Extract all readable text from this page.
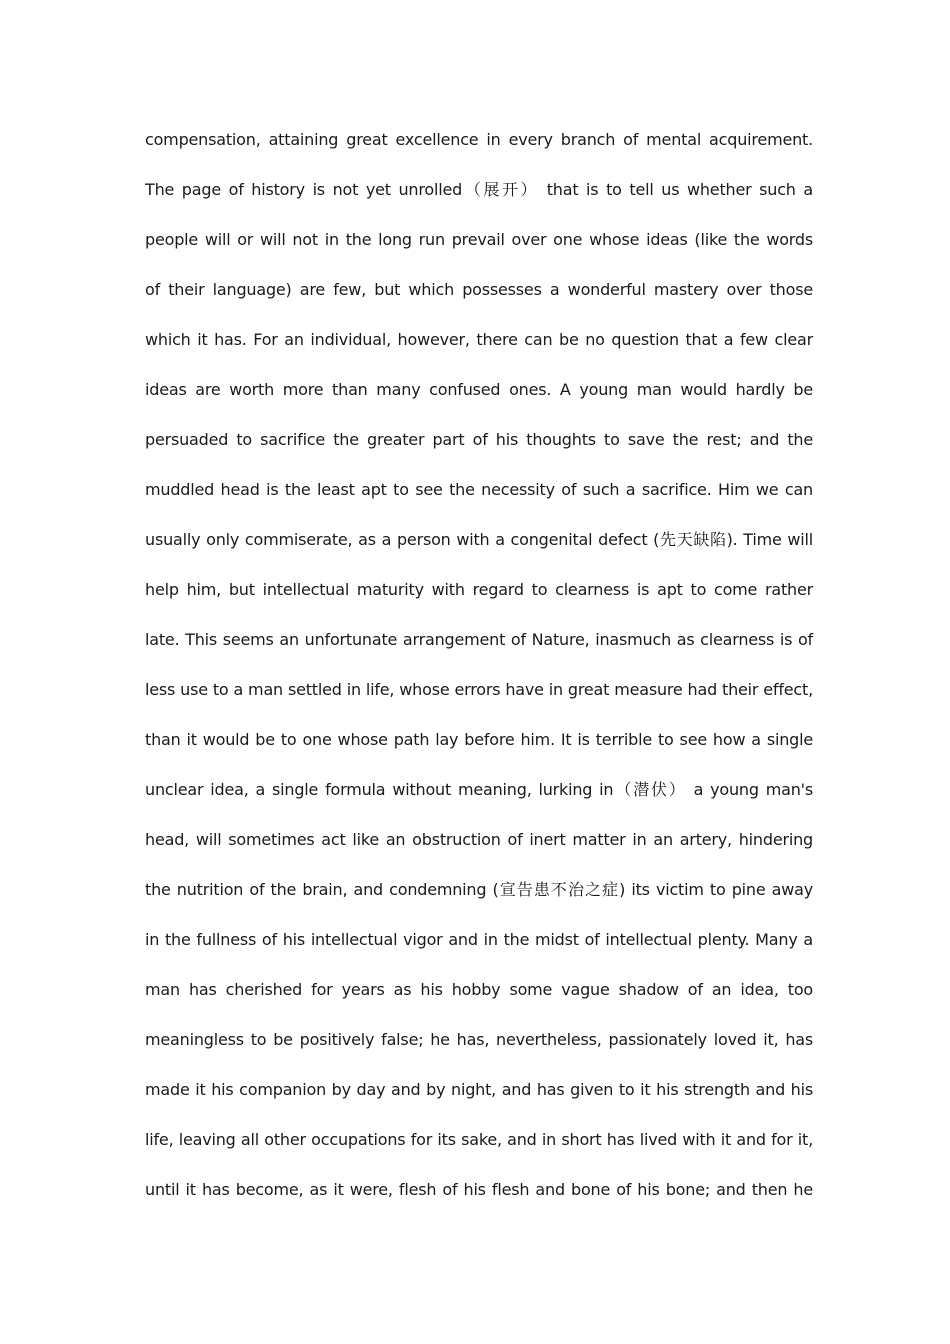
compensation, attaining great excellence in every branch of mental acquirement.
The page of history is not yet unrolled（展开） that is to tell us whether such a
people will or will not in the long run prevail over one whose ideas (like the words
of their language) are few, but which possesses a wonderful mastery over those
which it has. For an individual, however, there can be no question that a few clear
ideas are worth more than many confused ones. A young man would hardly be
persuaded to sacrifice the greater part of his thoughts to save the rest; and the
muddled head is the least apt to see the necessity of such a sacrifice. Him we can
usually only commiserate, as a person with a congenital defect (先天缺陷). Time will
help him, but intellectual maturity with regard to clearness is apt to come rather
late. This seems an unfortunate arrangement of Nature, inasmuch as clearness is of
less use to a man settled in life, whose errors have in great measure had their effect,
than it would be to one whose path lay before him. It is terrible to see how a single
unclear idea, a single formula without meaning, lurking in（潜伏） a young man's
head, will sometimes act like an obstruction of inert matter in an artery, hindering
the nutrition of the brain, and condemning (宣告患不治之症) its victim to pine away
in the fullness of his intellectual vigor and in the midst of intellectual plenty. Many a
man has cherished for years as his hobby some vague shadow of an idea, too
meaningless to be positively false; he has, nevertheless, passionately loved it, has
made it his companion by day and by night, and has given to it his strength and his
life, leaving all other occupations for its sake, and in short has lived with it and for it,
until it has become, as it were, flesh of his flesh and bone of his bone; and then he
